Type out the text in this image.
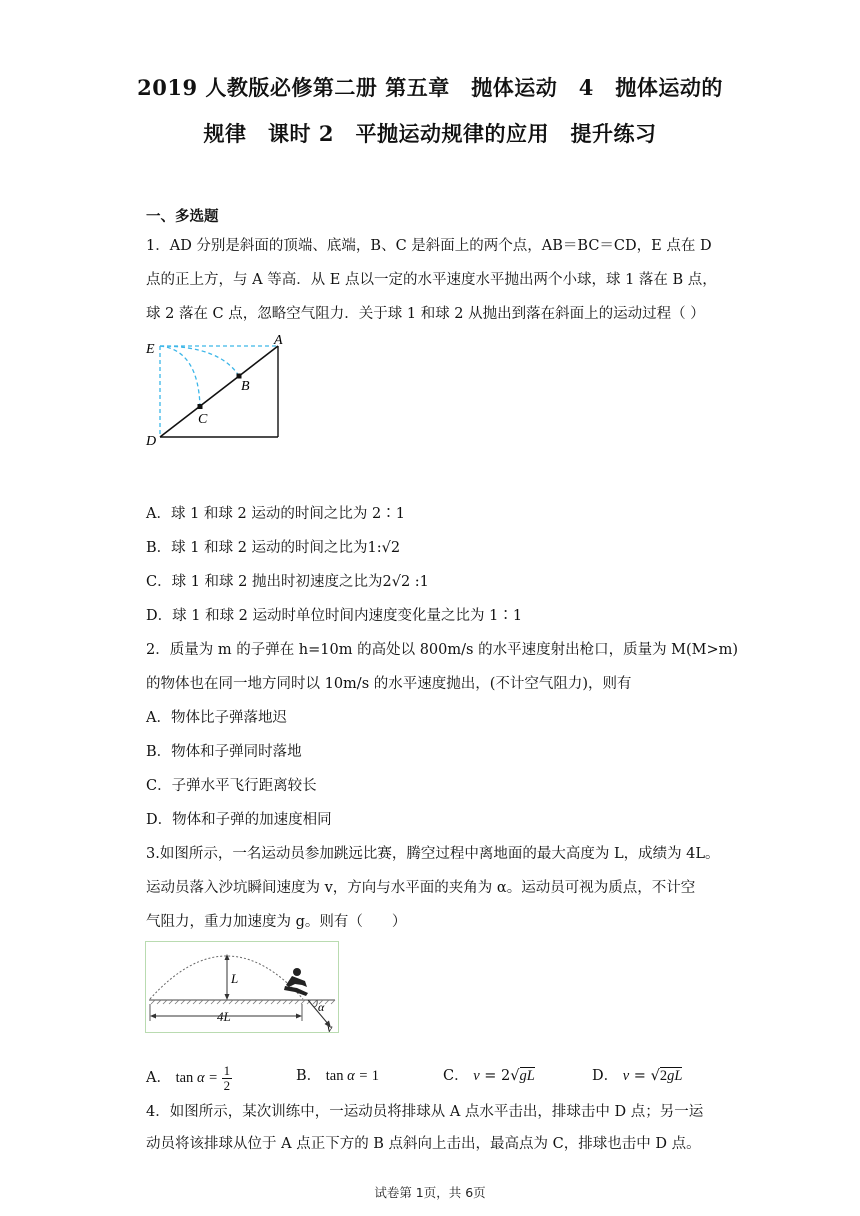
2019 人教版必修第二册 第五章　抛体运动　4　抛体运动的
规律　课时 2　平抛运动规律的应用　提升练习
一、多选题
1．AD 分别是斜面的顶端、底端，B、C 是斜面上的两个点，AB＝BC＝CD，E 点在 D
点的正上方，与 A 等高．从 E 点以一定的水平速度水平抛出两个小球，球 1 落在 B 点，
球 2 落在 C 点，忽略空气阻力．关于球 1 和球 2 从抛出到落在斜面上的运动过程（ ）
E
A
B
C
D
A．球 1 和球 2 运动的时间之比为 2∶1
B．球 1 和球 2 运动的时间之比为1:√2
C．球 1 和球 2 抛出时初速度之比为2√2 :1
D．球 1 和球 2 运动时单位时间内速度变化量之比为 1∶1
2．质量为 m 的子弹在 h=10m 的高处以 800m/s 的水平速度射出枪口，质量为 M(M>m)
的物体也在同一地方同时以 10m/s 的水平速度抛出，(不计空气阻力)，则有
A．物体比子弹落地迟
B．物体和子弹同时落地
C．子弹水平飞行距离较长
D．物体和子弹的加速度相同
3.如图所示，一名运动员参加跳远比赛，腾空过程中离地面的最大高度为 L，成绩为 4L。
运动员落入沙坑瞬间速度为 v，方向与水平面的夹角为 α。运动员可视为质点，不计空
气阻力，重力加速度为 g。则有（　　）
L
4L
α
v
A． $\tan \alpha = \frac{1}{2}$	B． tan α = 1	C． v = 2√gL	D． v = √2gL
4．如图所示，某次训练中，一运动员将排球从 A 点水平击出，排球击中 D 点；另一运
动员将该排球从位于 A 点正下方的 B 点斜向上击出，最高点为 C，排球也击中 D 点。
试卷第 1页，共 6页
